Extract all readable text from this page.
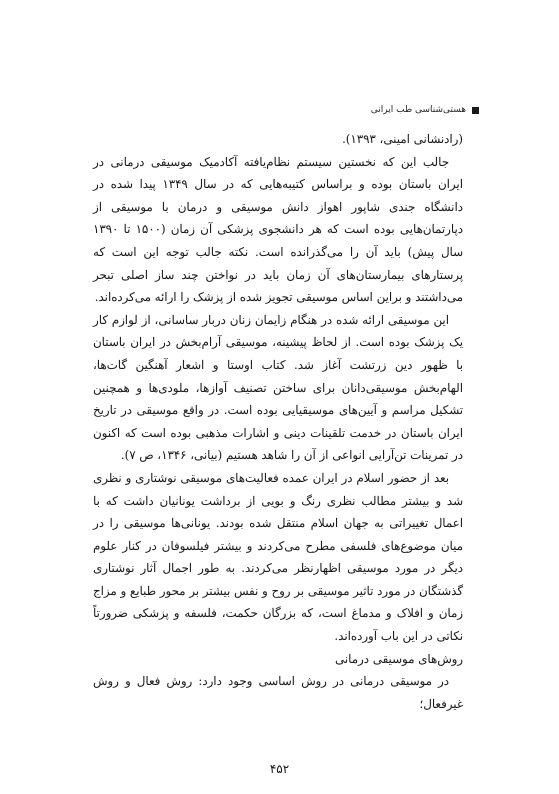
هستی‌شناسی طب ایرانی

(رادنشانی امینی، ۱۳۹۳).

جالب این که نخستین سیستم نظام‌یافته آکادمیک موسیقی درمانی در ایران باستان بوده و براساس کتیبه‌هایی که در سال ۱۳۴۹ پیدا شده در دانشگاه جندی شاپور اهواز دانش موسیقی و درمان با موسیقی از دپارتمان‌هایی بوده است که هر دانشجوی پزشکی آن زمان (۱۵۰۰ تا ۱۳۹۰ سال پیش) باید آن را می‌گذرانده است. نکته جالب توجه این است که پرستارهای بیمارستان‌های آن زمان باید در نواختن چند ساز اصلی تبحر می‌داشتند و براین اساس موسیقی تجویز شده از پزشک را ارائه می‌کرده‌اند.

این موسیقی ارائه شده در هنگام زایمان زنان دربار ساسانی، از لوازم کار یک پزشک بوده است. از لحاظ پیشینه، موسیقی آرام‌بخش در ایران باستان با ظهور دین زرتشت آغاز شد. کتاب اوستا و اشعار آهنگین گات‌ها، الهام‌بخش موسیقی‌دانان برای ساختن تصنیف آوازها، ملودی‌ها و همچنین تشکیل مراسم و آیین‌های موسیقیایی بوده است. در واقع موسیقی در تاریخ ایران باستان در خدمت تلقینات دینی و اشارات مذهبی بوده است که اکنون در تمرینات تن‌آرایی انواعی از آن را شاهد هستیم (بیانی، ۱۳۴۶، ص ۷).

بعد از حضور اسلام در ایران عمده فعالیت‌های موسیقی نوشتاری و نظری شد و بیشتر مطالب نظری رنگ و بویی از برداشت یونانیان داشت که با اعمال تغییراتی به جهان اسلام منتقل شده بودند. یونانی‌ها موسیقی را در میان موضوع‌های فلسفی مطرح می‌کردند و بیشتر فیلسوفان در کنار علوم دیگر در مورد موسیقی اظهارنظر می‌کردند. به طور اجمال آثار نوشتاری گذشتگان در مورد تاثیر موسیقی بر روح و نفس بیشتر بر محور طبایع و مزاج زمان و افلاک و مدماغ است، که بزرگان حکمت، فلسفه و پزشکی ضرورتاً نکاتی در این باب آورده‌اند.

روش‌های موسیقی درمانی

در موسیقی درمانی در روش اساسی وجود دارد: روش فعال و روش غیرفعال؛

۴۵۲
